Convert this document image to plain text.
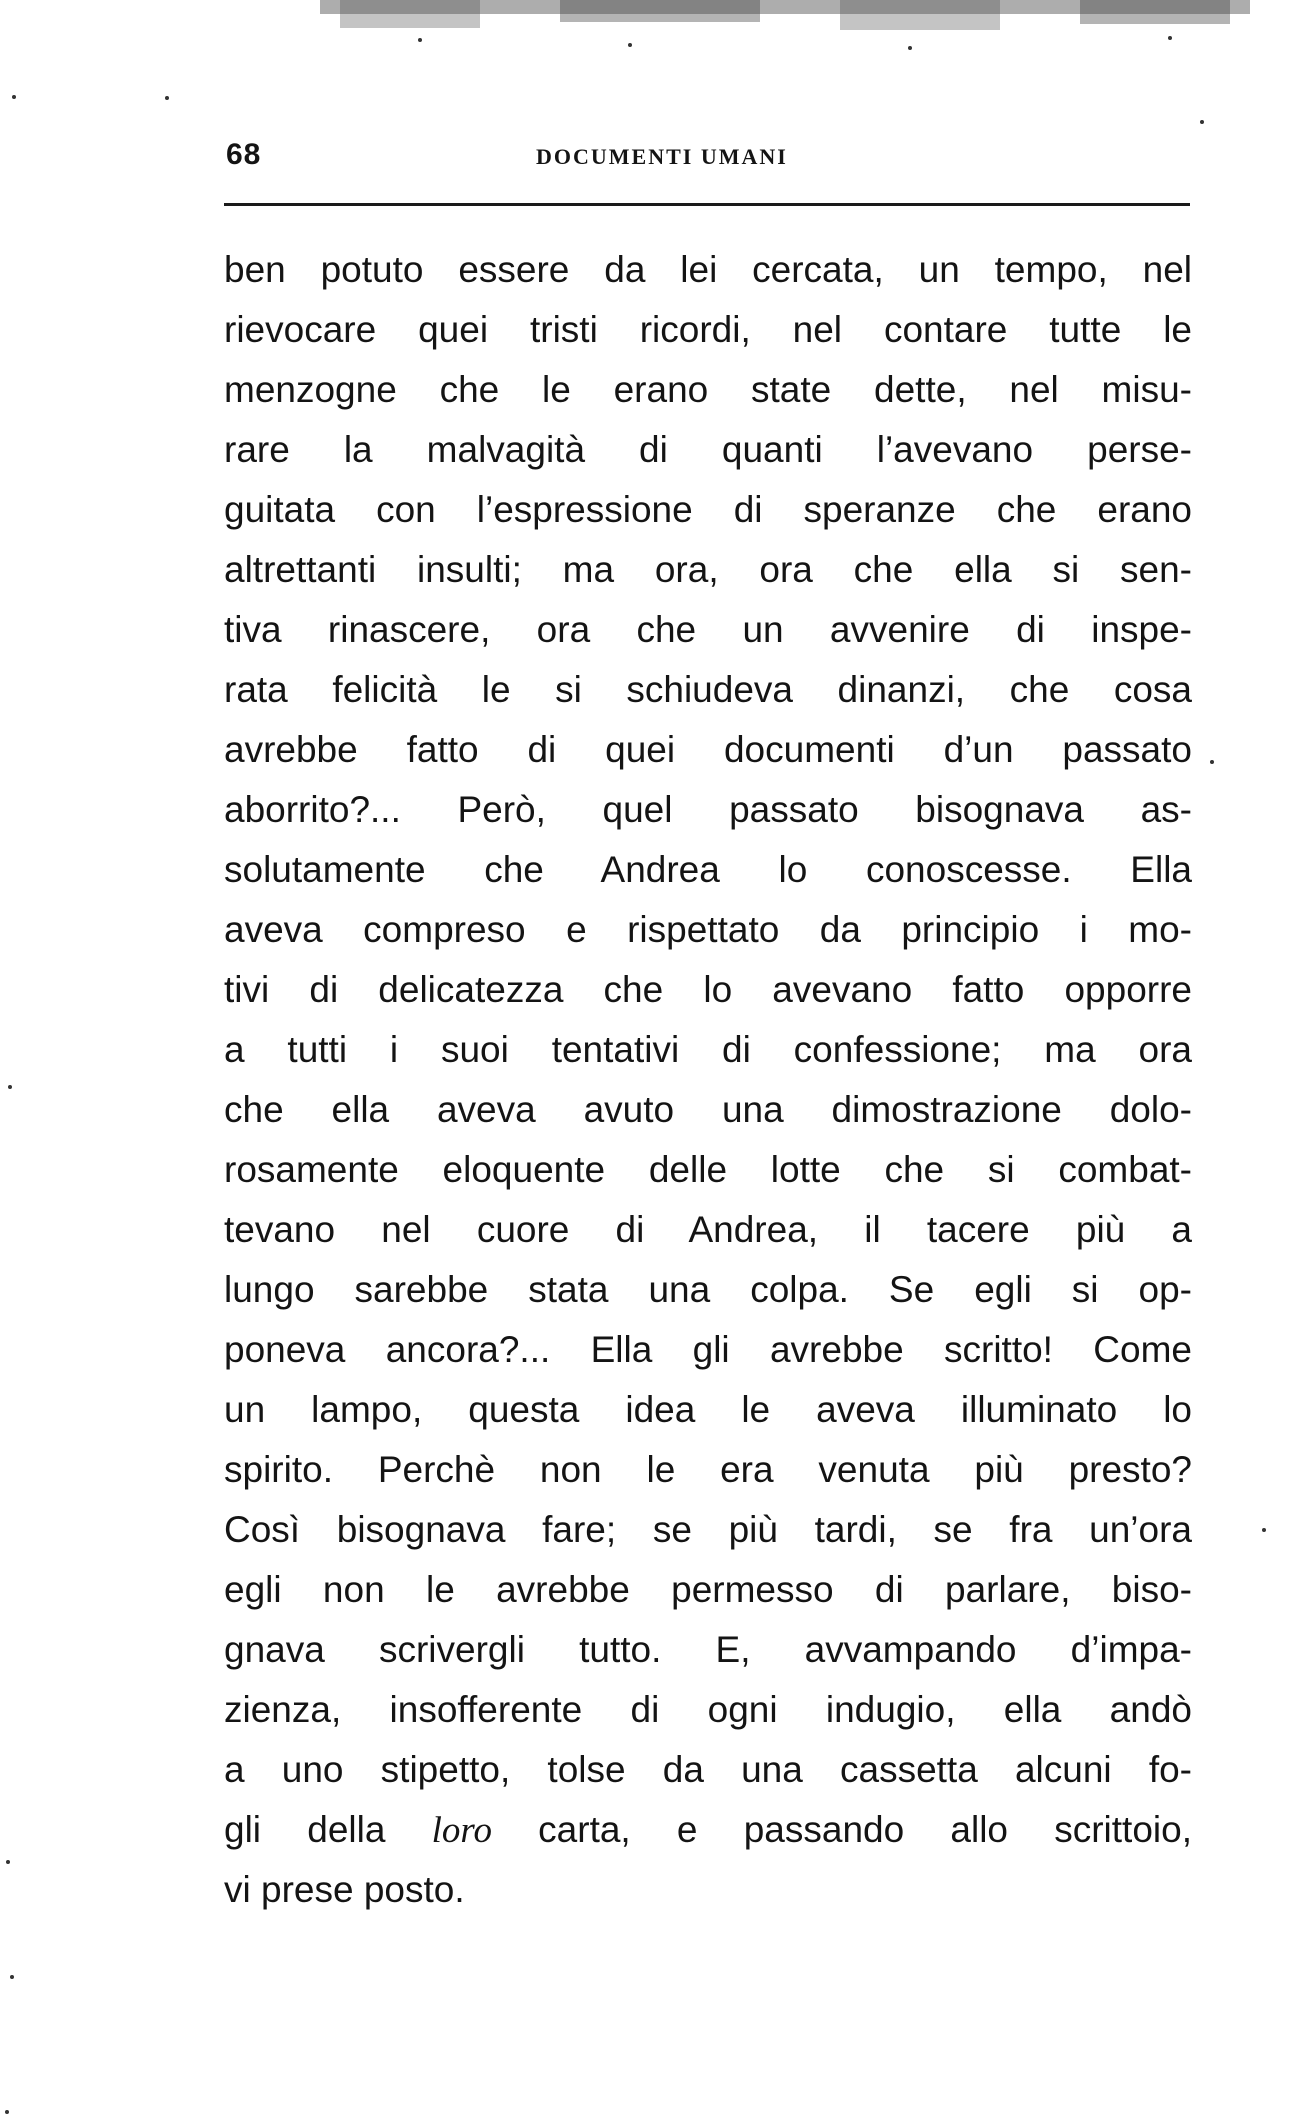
68	DOCUMENTI UMANI
ben potuto essere da lei cercata, un tempo, nel
rievocare quei tristi ricordi, nel contare tutte le
menzogne che le erano state dette, nel misu-
rare la malvagità di quanti l’avevano perse-
guitata con l’espressione di speranze che erano
altrettanti insulti; ma ora, ora che ella si sen-
tiva rinascere, ora che un avvenire di inspe-
rata felicità le si schiudeva dinanzi, che cosa
avrebbe fatto di quei documenti d’un passato
aborrito?... Però, quel passato bisognava as-
solutamente che Andrea lo conoscesse. Ella
aveva compreso e rispettato da principio i mo-
tivi di delicatezza che lo avevano fatto opporre
a tutti i suoi tentativi di confessione; ma ora
che ella aveva avuto una dimostrazione dolo-
rosamente eloquente delle lotte che si combat-
tevano nel cuore di Andrea, il tacere più a
lungo sarebbe stata una colpa. Se egli si op-
poneva ancora?... Ella gli avrebbe scritto! Come
un lampo, questa idea le aveva illuminato lo
spirito. Perchè non le era venuta più presto?
Così bisognava fare; se più tardi, se fra un’ora
egli non le avrebbe permesso di parlare, biso-
gnava scrivergli tutto. E, avvampando d’impa-
zienza, insofferente di ogni indugio, ella andò
a uno stipetto, tolse da una cassetta alcuni fo-
gli della loro carta, e passando allo scrittoio,
vi prese posto.
